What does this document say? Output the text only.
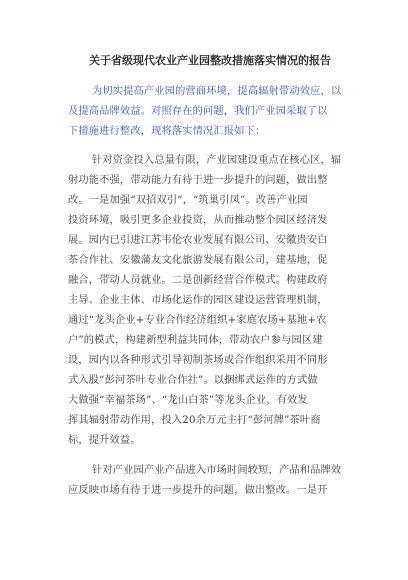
关于省级现代农业产业园整改措施落实情况的报告
为切实提高产业园的营商环境，提高辐射带动效应，以
及提高品牌效益。对照存在的问题，我们产业园采取了以
下措施进行整改，现将落实情况汇报如下：
针对资金投入总量有限，产业园建设重点在核心区，辐
射功能不强，带动能力有待于进一步提升的问题，做出整
改。一是加强“双招双引”，“筑巢引凤”。改善产业园
投资环境，吸引更多企业投资，从而推动整个园区经济发
展。园内已引进江苏韦伦农业发展有限公司、安徽贵安白
茶合作社、安徽蒲友文化旅游发展有限公司，建基地，促
融合，带动人员就业。二是创新经营合作模式。构建政府
主导、企业主体、市场化运作的园区建设运营管理机制，
通过“龙头企业+专业合作经济组织+家庭农场+基地+农
户”的模式，构建新型利益共同体，带动农户参与园区建
设，园内以各种形式引导初制茶场或合作组织采用不同形
式入股“彭河茶叶专业合作社”。以捆绑式运作的方式做
大做强“幸福茶场”、“龙山白茶”等龙头企业，有效发
挥其辐射带动作用，投入20余万元主打“彭河牌”茶叶商
标，提升效益。
针对产业园产业产品进入市场时间较短，产品和品牌效
应反映市场有待于进一步提升的问题，做出整改。一是开
